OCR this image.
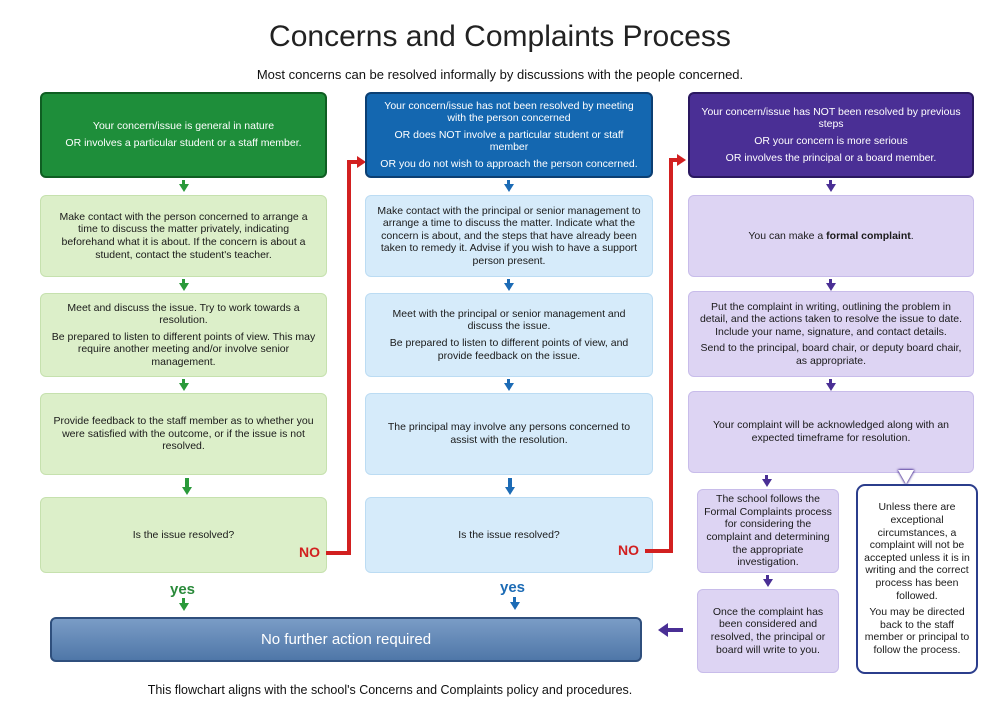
Concerns and Complaints Process
Most concerns can be resolved informally by discussions with the people concerned.

Your concern/issue is general in nature

OR involves a particular student or a staff member.

Make contact with the person concerned to arrange a time to discuss the matter privately, indicating beforehand what it is about. If the concern is about a student, contact the student's teacher.

Meet and discuss the issue. Try to work towards a resolution.

Be prepared to listen to different points of view. This may require another meeting and/or involve senior management.

Provide feedback to the staff member as to whether you were satisfied with the outcome, or if the issue is not resolved.

Is the issue resolved?

NO
yes

Your concern/issue has not been resolved by meeting with the person concerned

OR does NOT involve a particular student or staff member

OR you do not wish to approach the person concerned.

Make contact with the principal or senior management to arrange a time to discuss the matter. Indicate what the concern is about, and the steps that have already been taken to remedy it. Advise if you wish to have a support person present.

Meet with the principal or senior management and discuss the issue.

Be prepared to listen to different points of view, and provide feedback on the issue.

The principal may involve any persons concerned to assist with the resolution.

Is the issue resolved?

NO
yes

Your concern/issue has NOT been resolved by previous steps

OR your concern is more serious

OR involves the principal or a board member.

You can make a formal complaint.

Put the complaint in writing, outlining the problem in detail, and the actions taken to resolve the issue to date. Include your name, signature, and contact details.

Send to the principal, board chair, or deputy board chair, as appropriate.

Your complaint will be acknowledged along with an expected timeframe for resolution.

The school follows the Formal Complaints process for considering the complaint and determining the appropriate investigation.

Once the complaint has been considered and resolved, the principal or board will write to you.

Unless there are exceptional circumstances, a complaint will not be accepted unless it is in writing and the correct process has been followed.

You may be directed back to the staff member or principal to follow the process.

No further action required
This flowchart aligns with the school's Concerns and Complaints policy and procedures.
